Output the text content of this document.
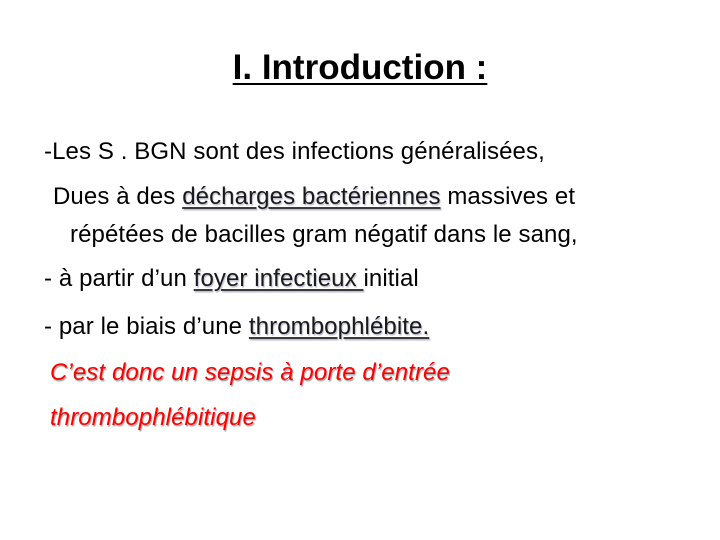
I. Introduction :
-Les S . BGN sont des infections généralisées,
Dues à des décharges bactériennes massives et
répétées de bacilles gram négatif dans le sang,
- à partir d’un foyer infectieux initial
- par le biais d’une thrombophlébite.
C’est donc un sepsis à porte d’entrée
thrombophlébitique
